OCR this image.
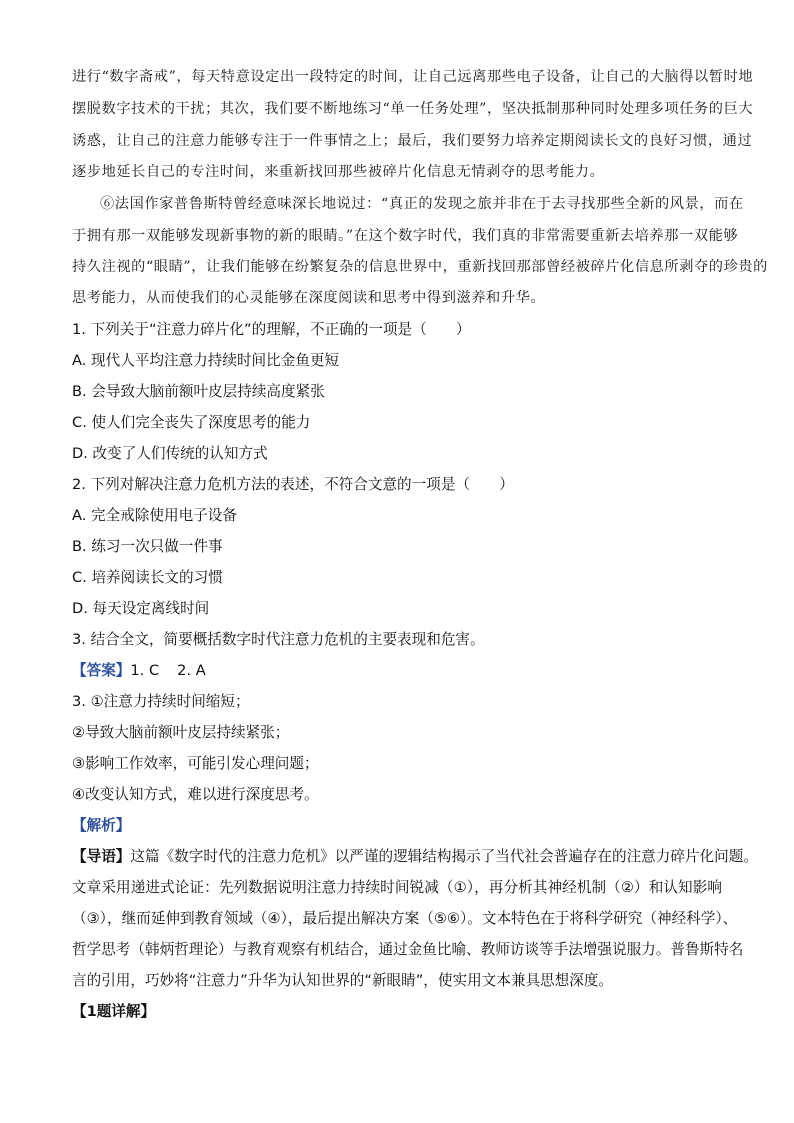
进行“数字斋戒”，每天特意设定出一段特定的时间，让自己远离那些电子设备，让自己的大脑得以暂时地
摆脱数字技术的干扰；其次，我们要不断地练习“单一任务处理”，坚决抵制那种同时处理多项任务的巨大
诱惑，让自己的注意力能够专注于一件事情之上；最后，我们要努力培养定期阅读长文的良好习惯，通过
逐步地延长自己的专注时间，来重新找回那些被碎片化信息无情剥夺的思考能力。
⑥法国作家普鲁斯特曾经意味深长地说过：“真正的发现之旅并非在于去寻找那些全新的风景，而在
于拥有那一双能够发现新事物的新的眼睛。”在这个数字时代，我们真的非常需要重新去培养那一双能够
持久注视的“眼睛”，让我们能够在纷繁复杂的信息世界中，重新找回那部曾经被碎片化信息所剥夺的珍贵的
思考能力，从而使我们的心灵能够在深度阅读和思考中得到滋养和升华。
1. 下列关于“注意力碎片化”的理解，不正确的一项是（　　）
A. 现代人平均注意力持续时间比金鱼更短
B. 会导致大脑前额叶皮层持续高度紧张
C. 使人们完全丧失了深度思考的能力
D. 改变了人们传统的认知方式
2. 下列对解决注意力危机方法的表述，不符合文意的一项是（　　）
A. 完全戒除使用电子设备
B. 练习一次只做一件事
C. 培养阅读长文的习惯
D. 每天设定离线时间
3. 结合全文，简要概括数字时代注意力危机的主要表现和危害。
【答案】1. C 2. A
3. ①注意力持续时间缩短；
②导致大脑前额叶皮层持续紧张；
③影响工作效率，可能引发心理问题；
④改变认知方式，难以进行深度思考。
【解析】
【导语】这篇《数字时代的注意力危机》以严谨的逻辑结构揭示了当代社会普遍存在的注意力碎片化问题。
文章采用递进式论证：先列数据说明注意力持续时间锐减（①），再分析其神经机制（②）和认知影响
（③），继而延伸到教育领域（④），最后提出解决方案（⑤⑥）。文本特色在于将科学研究（神经科学）、
哲学思考（韩炳哲理论）与教育观察有机结合，通过金鱼比喻、教师访谈等手法增强说服力。普鲁斯特名
言的引用，巧妙将“注意力”升华为认知世界的“新眼睛”，使实用文本兼具思想深度。
【1题详解】
